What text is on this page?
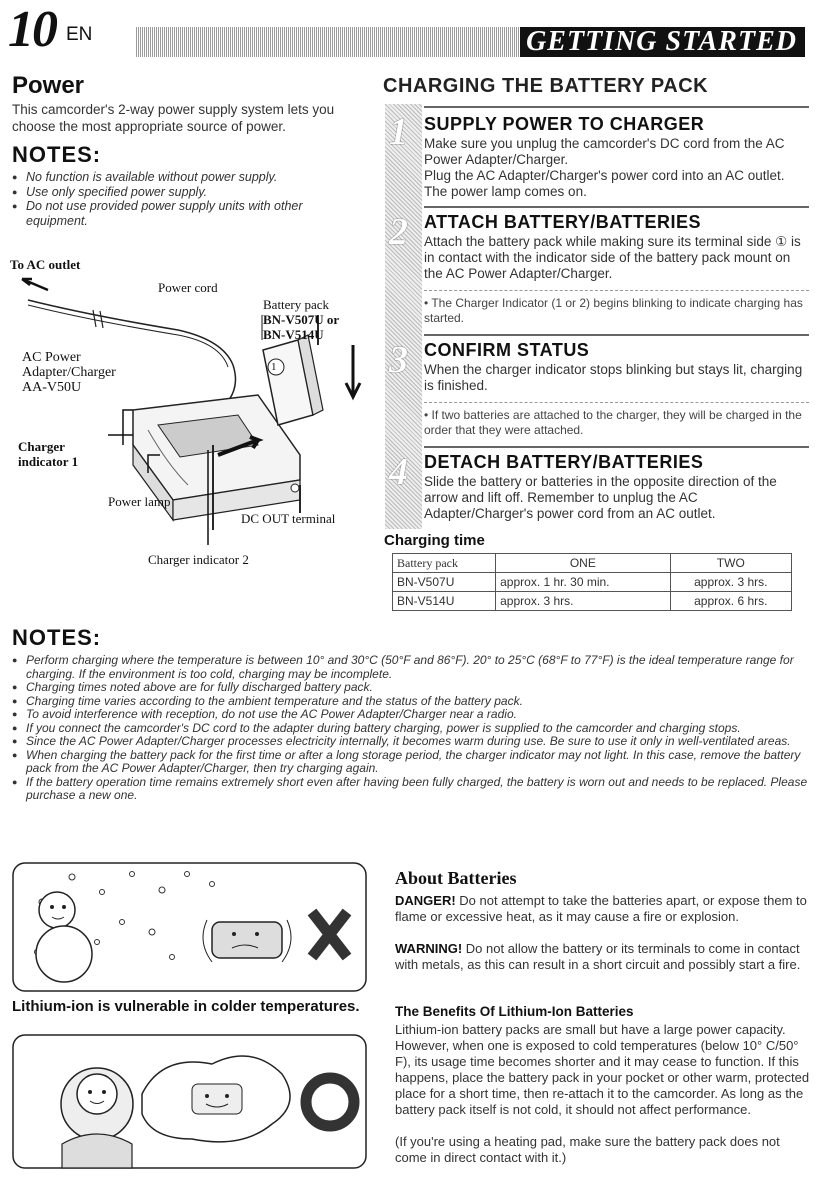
10 EN	GETTING STARTED
Power
This camcorder's 2-way power supply system lets you choose the most appropriate source of power.
NOTES:
● No function is available without power supply.
● Use only specified power supply.
● Do not use provided power supply units with other equipment.
To AC outlet
Power cord
Battery pack
BN-V507U or
BN-V514U
AC Power
Adapter/Charger
AA-V50U
Charger
indicator 1
Power lamp
DC OUT terminal
Charger indicator 2
1
CHARGING THE BATTERY PACK
1 SUPPLY POWER TO CHARGER
Make sure you unplug the camcorder's DC cord from the AC Power Adapter/Charger.
Plug the AC Adapter/Charger's power cord into an AC outlet. The power lamp comes on.
2 ATTACH BATTERY/BATTERIES
Attach the battery pack while making sure its terminal side ① is in contact with the indicator side of the battery pack mount on the AC Power Adapter/Charger.
• The Charger Indicator (1 or 2) begins blinking to indicate charging has started.
3 CONFIRM STATUS
When the charger indicator stops blinking but stays lit, charging is finished.
• If two batteries are attached to the charger, they will be charged in the order that they were attached.
4 DETACH BATTERY/BATTERIES
Slide the battery or batteries in the opposite direction of the arrow and lift off. Remember to unplug the AC Adapter/Charger's power cord from an AC outlet.
Charging time
Battery pack	ONE	TWO
BN-V507U	approx. 1 hr. 30 min.	approx. 3 hrs.
BN-V514U	approx. 3 hrs.	approx. 6 hrs.
NOTES:
● Perform charging where the temperature is between 10° and 30°C (50°F and 86°F). 20° to 25°C (68°F to 77°F) is the ideal temperature range for charging. If the environment is too cold, charging may be incomplete.
● Charging times noted above are for fully discharged battery pack.
● Charging time varies according to the ambient temperature and the status of the battery pack.
● To avoid interference with reception, do not use the AC Power Adapter/Charger near a radio.
● If you connect the camcorder's DC cord to the adapter during battery charging, power is supplied to the camcorder and charging stops.
● Since the AC Power Adapter/Charger processes electricity internally, it becomes warm during use. Be sure to use it only in well-ventilated areas.
● When charging the battery pack for the first time or after a long storage period, the charger indicator may not light. In this case, remove the battery pack from the AC Power Adapter/Charger, then try charging again.
● If the battery operation time remains extremely short even after having been fully charged, the battery is worn out and needs to be replaced. Please purchase a new one.
Lithium-ion is vulnerable in colder temperatures.
About Batteries
DANGER! Do not attempt to take the batteries apart, or expose them to flame or excessive heat, as it may cause a fire or explosion.
WARNING! Do not allow the battery or its terminals to come in contact with metals, as this can result in a short circuit and possibly start a fire.
The Benefits Of Lithium-Ion Batteries
Lithium-ion battery packs are small but have a large power capacity. However, when one is exposed to cold temperatures (below 10° C/50° F), its usage time becomes shorter and it may cease to function. If this happens, place the battery pack in your pocket or other warm, protected place for a short time, then re-attach it to the camcorder. As long as the battery pack itself is not cold, it should not affect performance.
(If you're using a heating pad, make sure the battery pack does not come in direct contact with it.)
